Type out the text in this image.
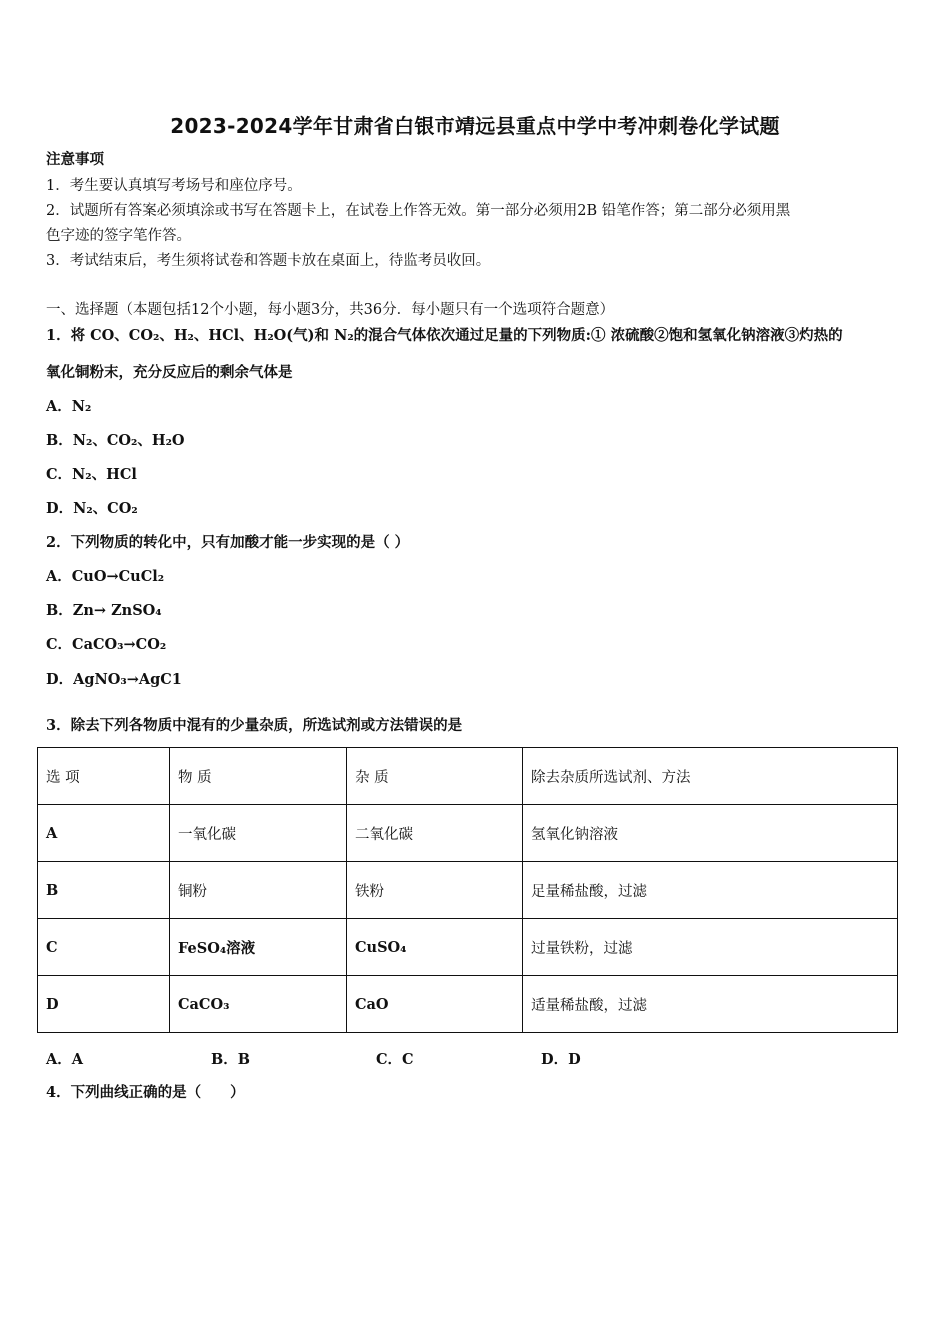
2023-2024学年甘肃省白银市靖远县重点中学中考冲刺卷化学试题
注意事项
1．考生要认真填写考场号和座位序号。
2．试题所有答案必须填涂或书写在答题卡上，在试卷上作答无效。第一部分必须用2B 铅笔作答；第二部分必须用黑
色字迹的签字笔作答。
3．考试结束后，考生须将试卷和答题卡放在桌面上，待监考员收回。
一、选择题（本题包括12个小题，每小题3分，共36分．每小题只有一个选项符合题意）
1．将 CO、CO₂、H₂、HCl、H₂O(气)和 N₂的混合气体依次通过足量的下列物质:① 浓硫酸②饱和氢氧化钠溶液③灼热的
氧化铜粉末，充分反应后的剩余气体是
A．N₂
B．N₂、CO₂、H₂O
C．N₂、HCl
D．N₂、CO₂
2．下列物质的转化中，只有加酸才能一步实现的是（ ）
A．CuO→CuCl₂
B．Zn→ ZnSO₄
C．CaCO₃→CO₂
D．AgNO₃→AgC1
3．除去下列各物质中混有的少量杂质，所选试剂或方法错误的是
选 项	物 质	杂 质	除去杂质所选试剂、方法
A	一氧化碳	二氧化碳	氢氧化钠溶液
B	铜粉	铁粉	足量稀盐酸，过滤
C	FeSO₄溶液	CuSO₄	过量铁粉，过滤
D	CaCO₃	CaO	适量稀盐酸，过滤
A．A	B．B	C．C	D．D
4．下列曲线正确的是（　　）
